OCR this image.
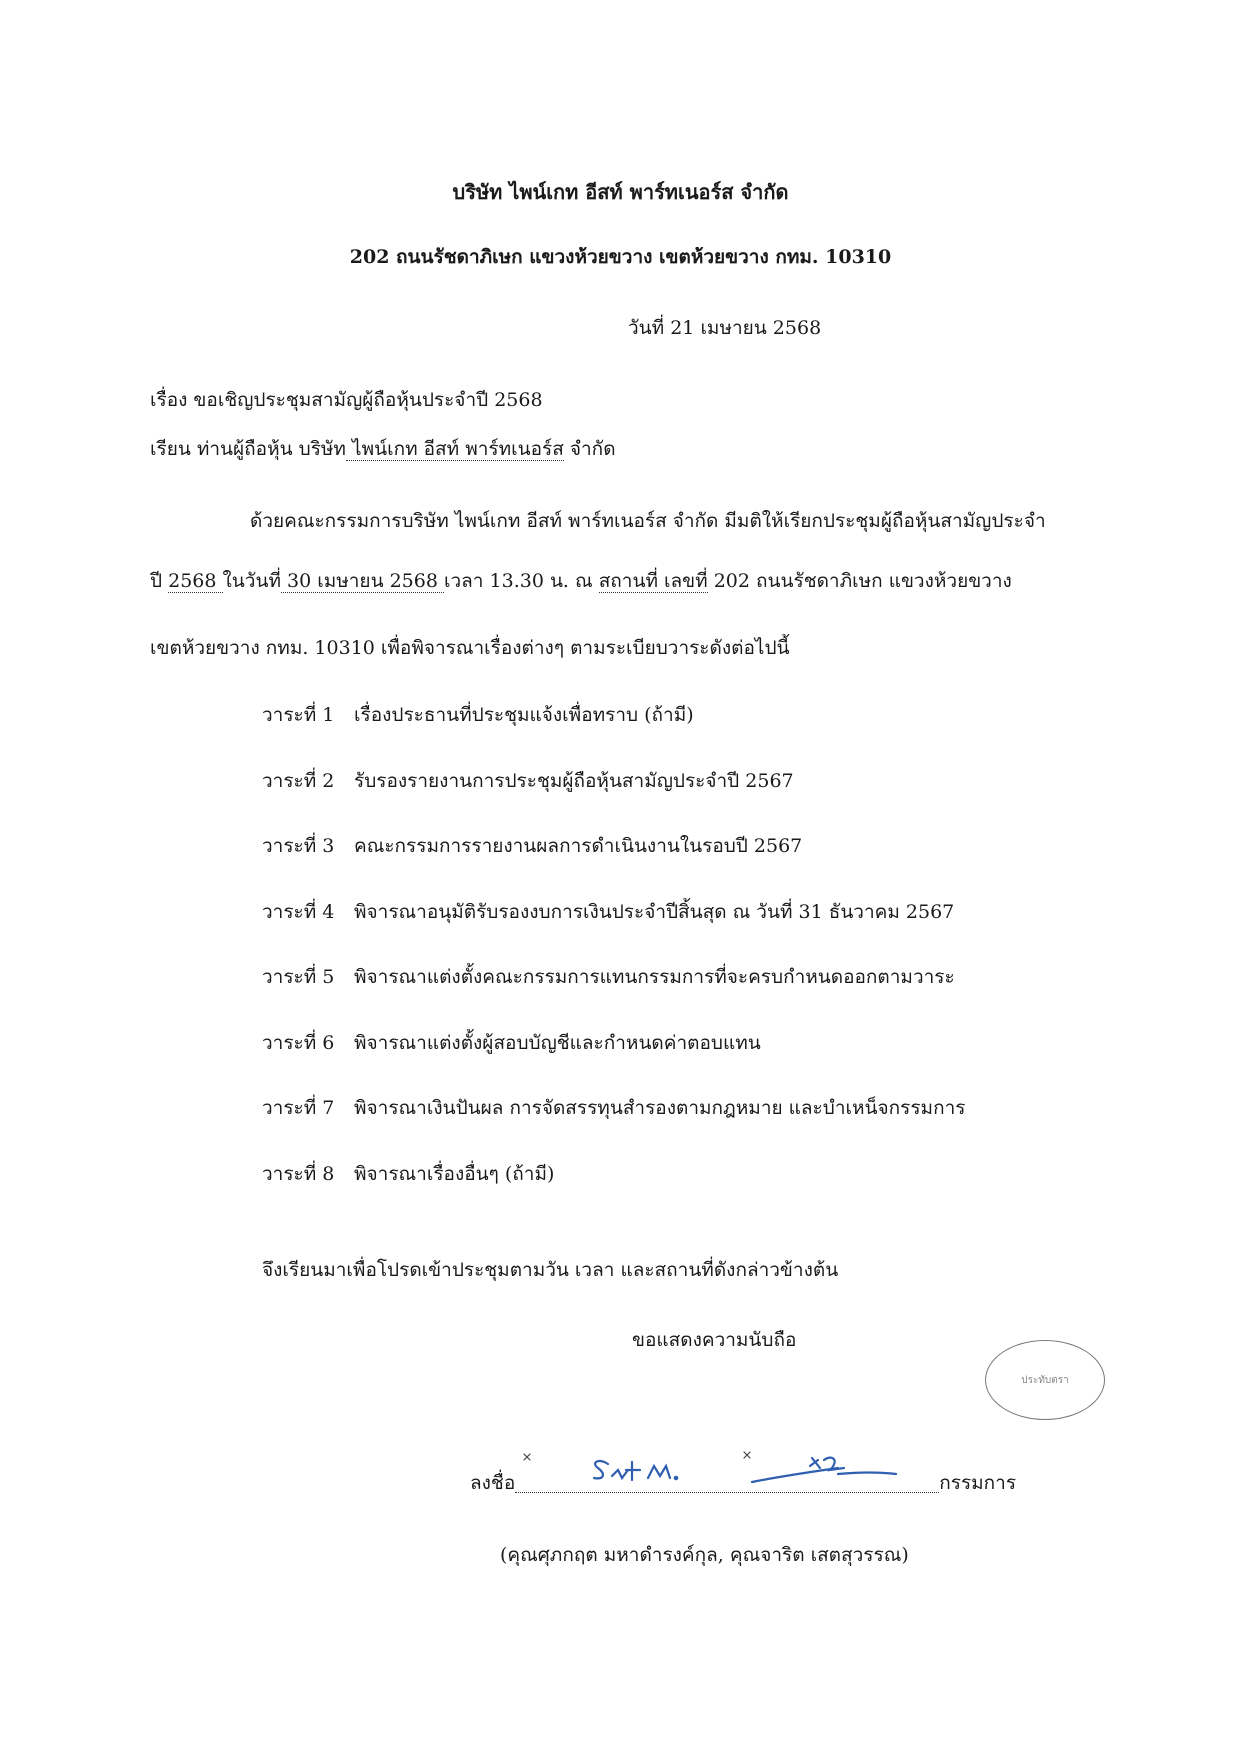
บริษัท ไพน์เกท อีสท์ พาร์ทเนอร์ส จำกัด
202 ถนนรัชดาภิเษก แขวงห้วยขวาง เขตห้วยขวาง กทม. 10310
วันที่ 21 เมษายน 2568
เรื่อง ขอเชิญประชุมสามัญผู้ถือหุ้นประจำปี 2568
เรียน ท่านผู้ถือหุ้น บริษัท ไพน์เกท อีสท์ พาร์ทเนอร์ส จำกัด
ด้วยคณะกรรมการบริษัท ไพน์เกท อีสท์ พาร์ทเนอร์ส จำกัด มีมติให้เรียกประชุมผู้ถือหุ้นสามัญประจำ
ปี 2568 ในวันที่ 30 เมษายน 2568 เวลา 13.30 น. ณ สถานที่ เลขที่ 202 ถนนรัชดาภิเษก แขวงห้วยขวาง
เขตห้วยขวาง กทม. 10310 เพื่อพิจารณาเรื่องต่างๆ ตามระเบียบวาระดังต่อไปนี้
วาระที่ 1 เรื่องประธานที่ประชุมแจ้งเพื่อทราบ (ถ้ามี)
วาระที่ 2 รับรองรายงานการประชุมผู้ถือหุ้นสามัญประจำปี 2567
วาระที่ 3 คณะกรรมการรายงานผลการดำเนินงานในรอบปี 2567
วาระที่ 4 พิจารณาอนุมัติรับรองงบการเงินประจำปีสิ้นสุด ณ วันที่ 31 ธันวาคม 2567
วาระที่ 5 พิจารณาแต่งตั้งคณะกรรมการแทนกรรมการที่จะครบกำหนดออกตามวาระ
วาระที่ 6 พิจารณาแต่งตั้งผู้สอบบัญชีและกำหนดค่าตอบแทน
วาระที่ 7 พิจารณาเงินปันผล การจัดสรรทุนสำรองตามกฎหมาย และบำเหน็จกรรมการ
วาระที่ 8 พิจารณาเรื่องอื่นๆ (ถ้ามี)
จึงเรียนมาเพื่อโปรดเข้าประชุมตามวัน เวลา และสถานที่ดังกล่าวข้างต้น
ขอแสดงความนับถือ
ประทับตรา
ลงชื่อ	กรรมการ
(คุณศุภกฤต มหาดำรงค์กุล, คุณจาริต เสตสุวรรณ)
